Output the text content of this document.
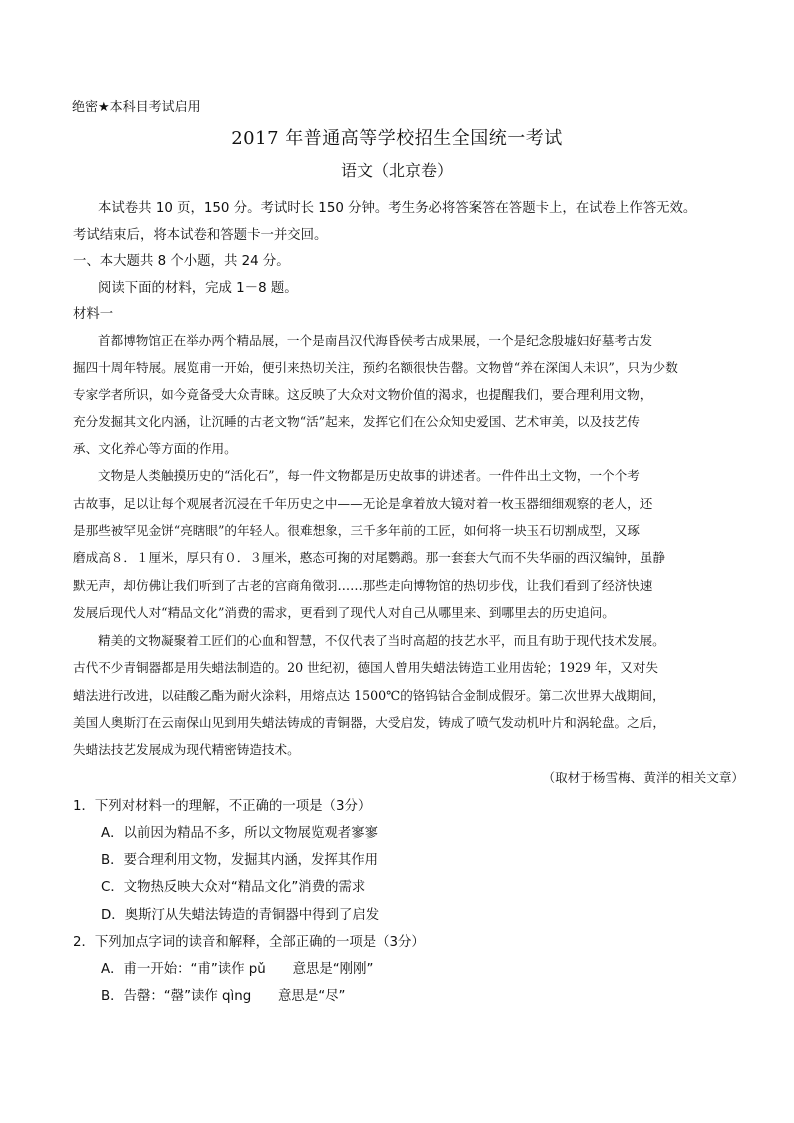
绝密★本科目考试启用
2017 年普通高等学校招生全国统一考试
语文（北京卷）
本试卷共 10 页，150 分。考试时长 150 分钟。考生务必将答案答在答题卡上，在试卷上作答无效。
考试结束后，将本试卷和答题卡一并交回。
一、本大题共 8 个小题，共 24 分。
阅读下面的材料，完成 1－8 题。
材料一
首都博物馆正在举办两个精品展，一个是南昌汉代海昏侯考古成果展，一个是纪念殷墟妇好墓考古发
掘四十周年特展。展览甫一开始，便引来热切关注，预约名额很快告罄。文物曾“养在深闺人未识”，只为少数
专家学者所识，如今竟备受大众青睐。这反映了大众对文物价值的渴求，也提醒我们，要合理利用文物，
充分发掘其文化内涵，让沉睡的古老文物“活”起来，发挥它们在公众知史爱国、艺术审美，以及技艺传
承、文化养心等方面的作用。
文物是人类触摸历史的“活化石”，每一件文物都是历史故事的讲述者。一件件出土文物，一个个考
古故事，足以让每个观展者沉浸在千年历史之中——无论是拿着放大镜对着一枚玉器细细观察的老人，还
是那些被罕见金饼“亮瞎眼”的年轻人。很难想象，三千多年前的工匠，如何将一块玉石切割成型，又琢
磨成高８．１厘米，厚只有０．３厘米，憨态可掬的对尾鹦鹉。那一套套大气而不失华丽的西汉编钟，虽静
默无声，却仿佛让我们听到了古老的宫商角徵羽……那些走向博物馆的热切步伐，让我们看到了经济快速
发展后现代人对“精品文化”消费的需求，更看到了现代人对自己从哪里来、到哪里去的历史追问。
精美的文物凝聚着工匠们的心血和智慧，不仅代表了当时高超的技艺水平，而且有助于现代技术发展。
古代不少青铜器都是用失蜡法制造的。20 世纪初，德国人曾用失蜡法铸造工业用齿轮；1929 年，又对失
蜡法进行改进，以硅酸乙酯为耐火涂料，用熔点达 1500℃的铬钨钴合金制成假牙。第二次世界大战期间，
美国人奥斯汀在云南保山见到用失蜡法铸成的青铜器，大受启发，铸成了喷气发动机叶片和涡轮盘。之后，
失蜡法技艺发展成为现代精密铸造技术。
（取材于杨雪梅、黄洋的相关文章）
1．下列对材料一的理解，不正确的一项是（3分）
A．以前因为精品不多，所以文物展览观者寥寥
B．要合理利用文物，发掘其内涵，发挥其作用
C．文物热反映大众对“精品文化”消费的需求
D．奥斯汀从失蜡法铸造的青铜器中得到了启发
2．下列加点字词的读音和解释，全部正确的一项是（3分）
A．甫一开始：“甫”读作 pǔ　　意思是“刚刚”
B．告罄：“罄”读作 qìng　　意思是“尽”
